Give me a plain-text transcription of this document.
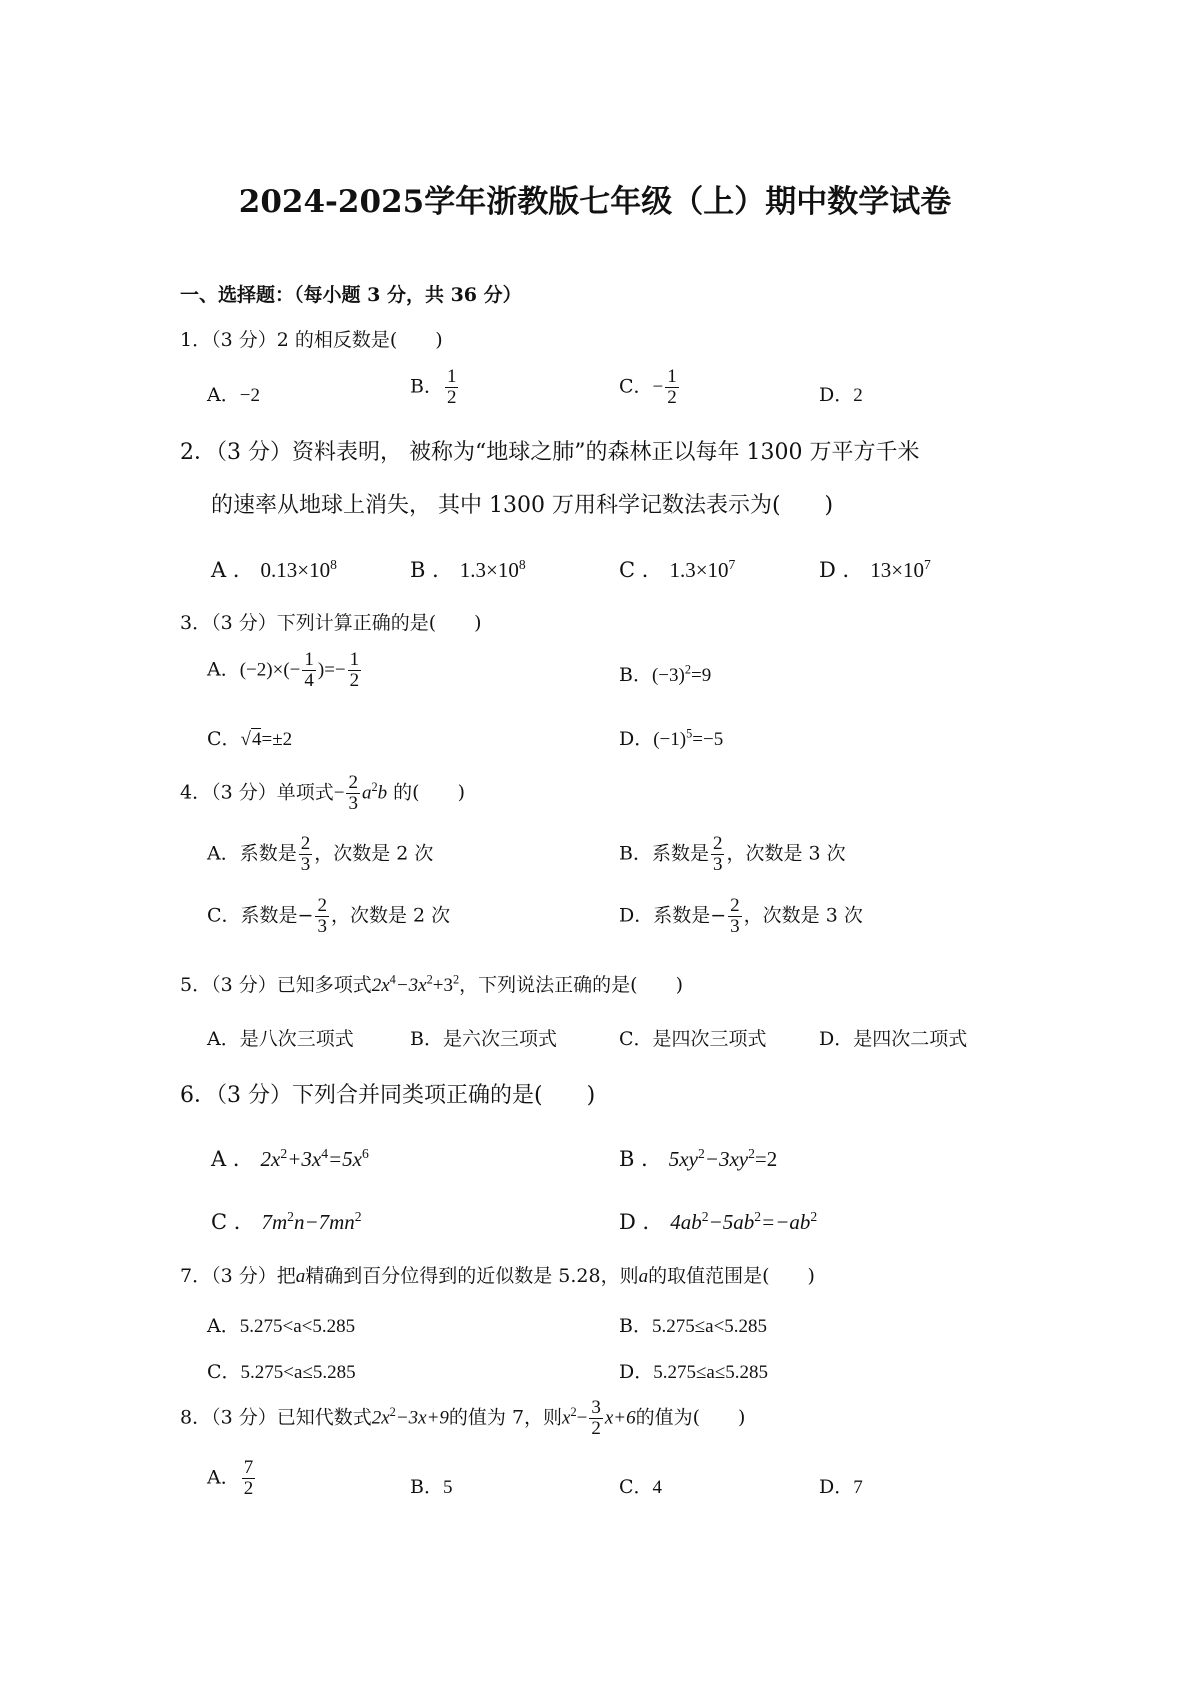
2024-2025学年浙教版七年级（上）期中数学试卷
一、选择题：（每小题 3 分，共 36 分）
1．（3 分）2 的相反数是(　　)
A．−2	B． $\frac{1}{2}$	C．− $\frac{1}{2}$	D．2
2．（3 分）资料表明， 被称为“地球之肺”的森林正以每年 1300 万平方千米
的速率从地球上消失， 其中 1300 万用科学记数法表示为(　　)
A ． $0.13\times 10^8$	B ． $1.3\times 10^8$	C ． $1.3\times 10^7$	D ． $13\times 10^7$
3．（3 分）下列计算正确的是(　　)
A．$(-2)\times(- \frac{1}{4}$ )=− $\frac{1}{2}$	B．$(-3)^2=9$
C．√4=±2	D．$(-1)^5=-5$
4．（3 分）单项式− $\frac{2}{3} a^2b$ 的(　　)
A．系数是 $\frac{2}{3}$ ，次数是 2 次	B．系数是 $\frac{2}{3}$ ，次数是 3 次
C．系数是− $\frac{2}{3}$ ，次数是 2 次	D．系数是− $\frac{2}{3}$ ，次数是 3 次
5．（3 分）已知多项式$2x^4-3x^2+3^2$，下列说法正确的是(　　)
A．是八次三项式	B．是六次三项式	C．是四次三项式	D．是四次二项式
6．（3 分）下列合并同类项正确的是(　　)
A ． $2x^2+3x^4=5x^6$	B ． $5xy^2-3xy^2=2$
C ． $7m^2n-7mn^2$	D ． $4ab^2-5ab^2=-ab^2$
7．（3 分）把a精确到百分位得到的近似数是 5.28，则a的取值范围是(　　)
A．5.275<a<5.285	B．5.275≤a<5.285
C．5.275<a≤5.285	D．5.275≤a≤5.285
8．（3 分）已知代数式$2x^2-3x+9$的值为 7，则$x^2- \frac{3}{2} x+6$的值为(　　)
A． $\frac{7}{2}$	B．5	C．4	D．7
